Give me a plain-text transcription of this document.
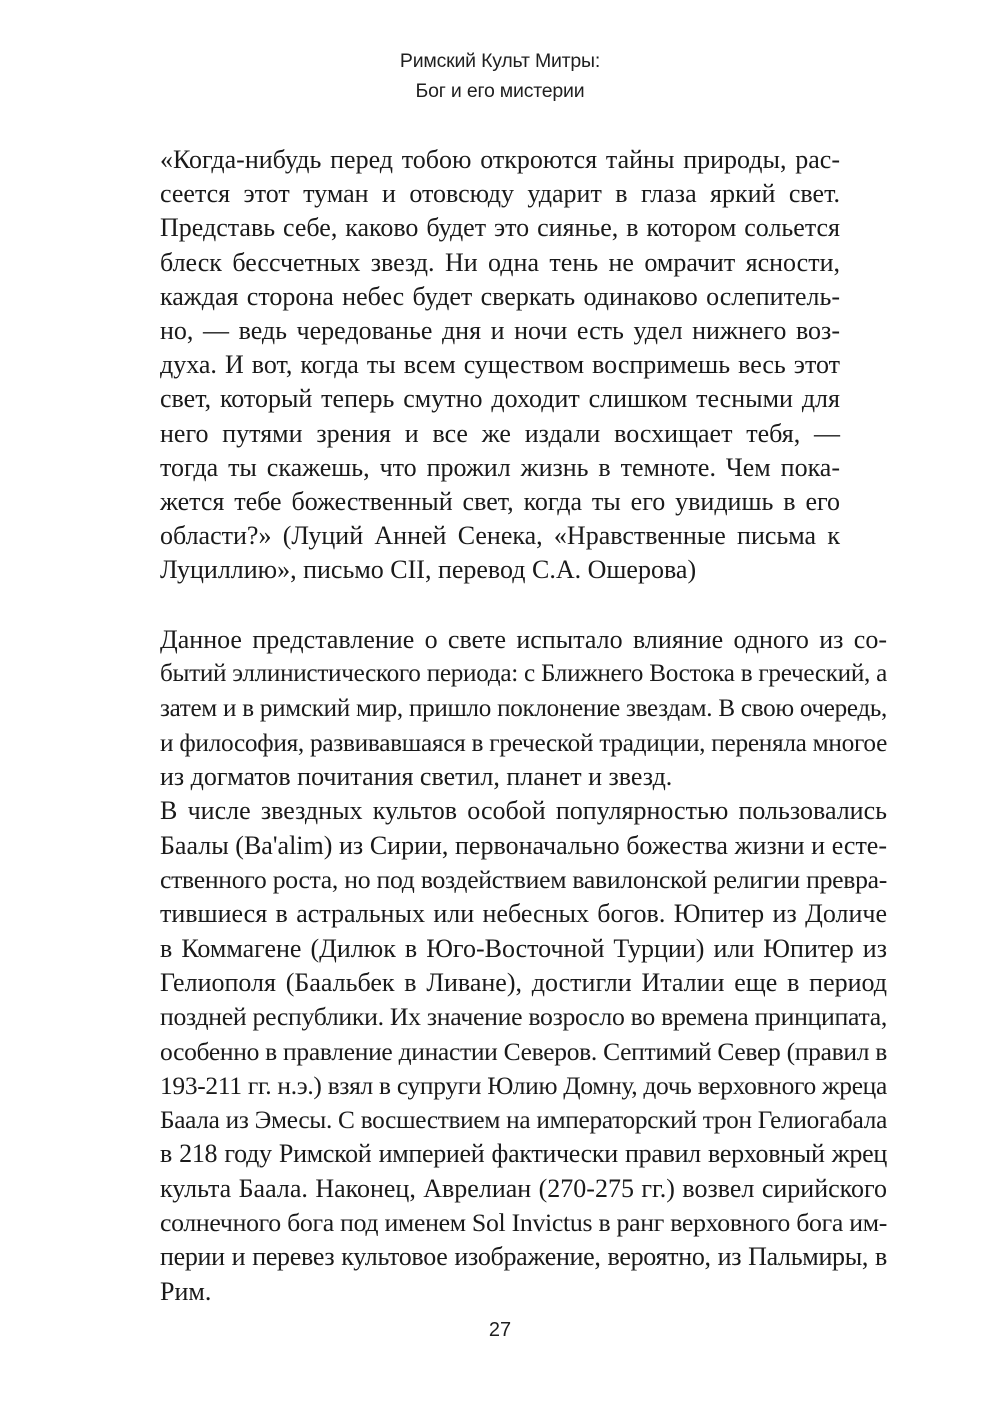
Римский Культ Митры:
Бог и его мистерии
«Когда-нибудь перед тобою откроются тайны природы, рас-
сеется этот туман и отовсюду ударит в глаза яркий свет.
Представь себе, каково будет это сиянье, в котором сольется
блеск бессчетных звезд. Ни одна тень не омрачит ясности,
каждая сторона небес будет сверкать одинаково ослепитель-
но, — ведь чередованье дня и ночи есть удел нижнего воз-
духа. И вот, когда ты всем существом воспримешь весь этот
свет, который теперь смутно доходит слишком тесными для
него путями зрения и все же издали восхищает тебя, —
тогда ты скажешь, что прожил жизнь в темноте. Чем пока-
жется тебе божественный свет, когда ты его увидишь в его
области?» (Луций Анней Сенека, «Нравственные письма к
Луциллию», письмо CII, перевод С.А. Ошерова)
Данное представление о свете испытало влияние одного из со-
бытий эллинистического периода: с Ближнего Востока в греческий, а
затем и в римский мир, пришло поклонение звездам. В свою очередь,
и философия, развивавшаяся в греческой традиции, переняла многое
из догматов почитания светил, планет и звезд.
В числе звездных культов особой популярностью пользовались
Баалы (Ba'alim) из Сирии, первоначально божества жизни и есте-
ственного роста, но под воздействием вавилонской религии превра-
тившиеся в астральных или небесных богов. Юпитер из Доличе
в Коммагене (Дилюк в Юго-Восточной Турции) или Юпитер из
Гелиополя (Баальбек в Ливане), достигли Италии еще в период
поздней республики. Их значение возросло во времена принципата,
особенно в правление династии Северов. Септимий Север (правил в
193-211 гг. н.э.) взял в супруги Юлию Домну, дочь верховного жреца
Баала из Эмесы. С восшествием на императорский трон Гелиогабала
в 218 году Римской империей фактически правил верховный жрец
культа Баала. Наконец, Аврелиан (270-275 гг.) возвел сирийского
солнечного бога под именем Sol Invictus в ранг верховного бога им-
перии и перевез культовое изображение, вероятно, из Пальмиры, в
Рим.
27
